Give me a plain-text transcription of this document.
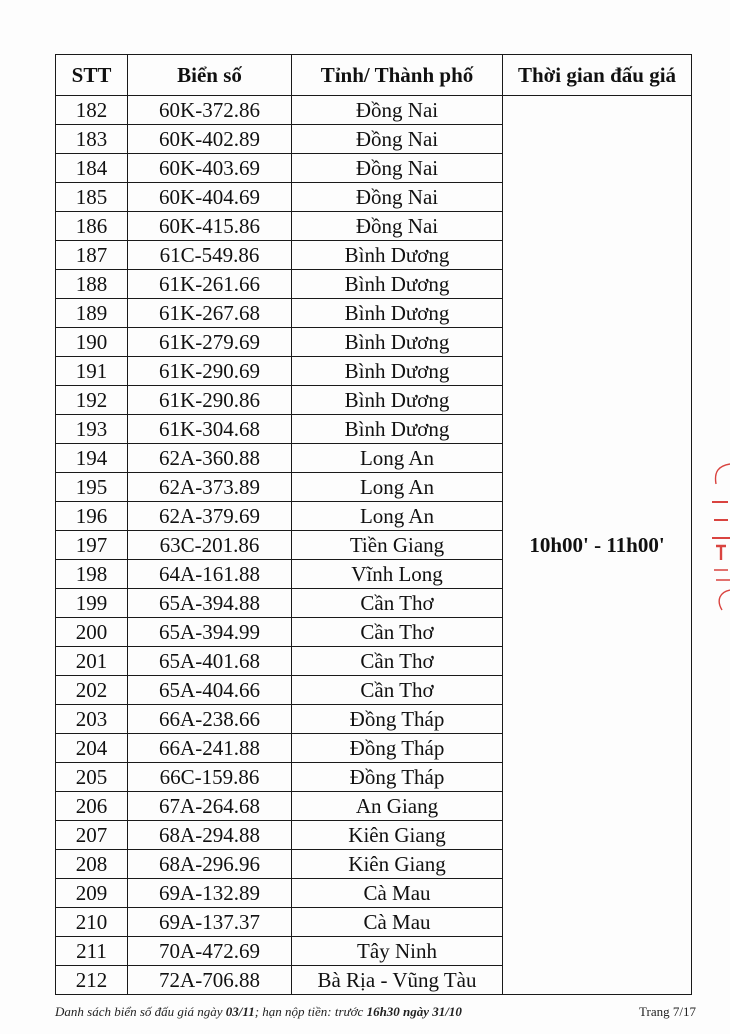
STT	Biển số	Tỉnh/ Thành phố	Thời gian đấu giá
182	60K-372.86	Đồng Nai	10h00' - 11h00'
183	60K-402.89	Đồng Nai	
184	60K-403.69	Đồng Nai	
185	60K-404.69	Đồng Nai	
186	60K-415.86	Đồng Nai	
187	61C-549.86	Bình Dương	
188	61K-261.66	Bình Dương	
189	61K-267.68	Bình Dương	
190	61K-279.69	Bình Dương	
191	61K-290.69	Bình Dương	
192	61K-290.86	Bình Dương	
193	61K-304.68	Bình Dương	
194	62A-360.88	Long An	
195	62A-373.89	Long An	
196	62A-379.69	Long An	
197	63C-201.86	Tiền Giang	
198	64A-161.88	Vĩnh Long	
199	65A-394.88	Cần Thơ	
200	65A-394.99	Cần Thơ	
201	65A-401.68	Cần Thơ	
202	65A-404.66	Cần Thơ	
203	66A-238.66	Đồng Tháp	
204	66A-241.88	Đồng Tháp	
205	66C-159.86	Đồng Tháp	
206	67A-264.68	An Giang	
207	68A-294.88	Kiên Giang	
208	68A-296.96	Kiên Giang	
209	69A-132.89	Cà Mau	
210	69A-137.37	Cà Mau	
211	70A-472.69	Tây Ninh	
212	72A-706.88	Bà Rịa - Vũng Tàu	
Danh sách biển số đấu giá ngày 03/11; hạn nộp tiền: trước 16h30 ngày 31/10	Trang 7/17
